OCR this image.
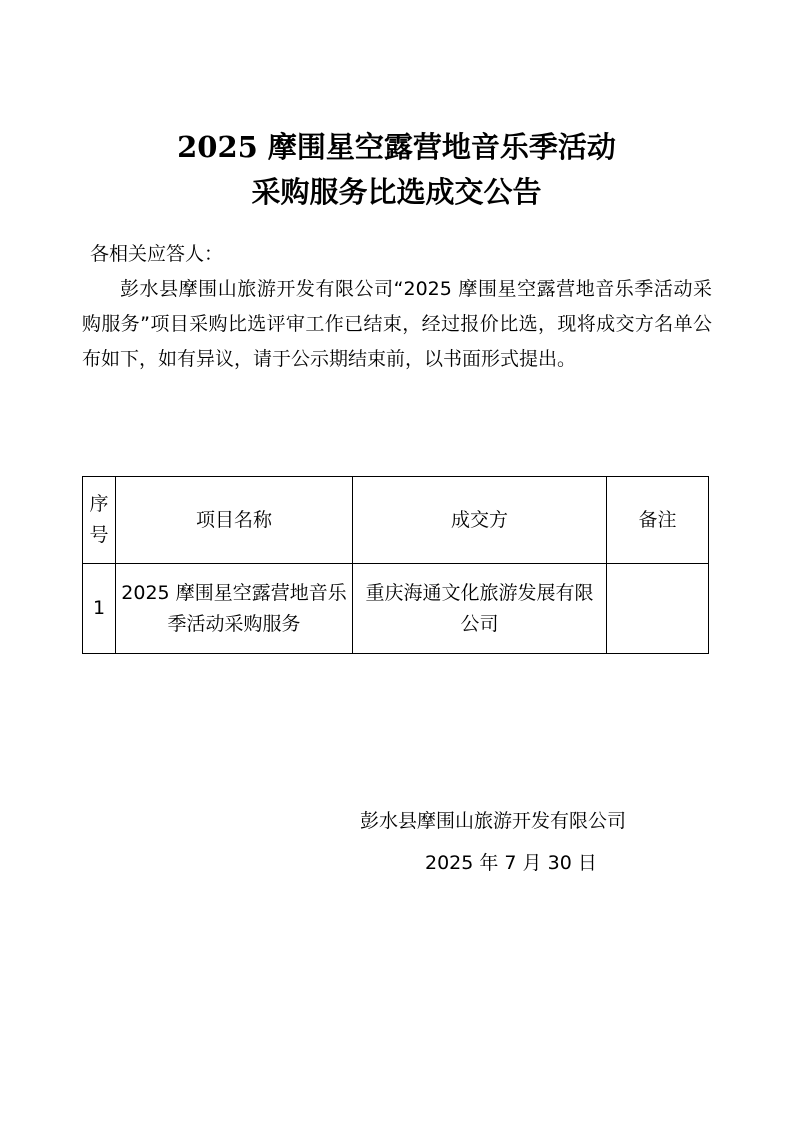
2025 摩围星空露营地音乐季活动
采购服务比选成交公告
各相关应答人：
彭水县摩围山旅游开发有限公司“2025 摩围星空露营地音乐季活动采购服务”项目采购比选评审工作已结束，经过报价比选，现将成交方名单公布如下，如有异议，请于公示期结束前，以书面形式提出。
序号	项目名称	成交方	备注
1	2025 摩围星空露营地音乐季活动采购服务	重庆海通文化旅游发展有限公司	
彭水县摩围山旅游开发有限公司
2025 年 7 月 30 日
